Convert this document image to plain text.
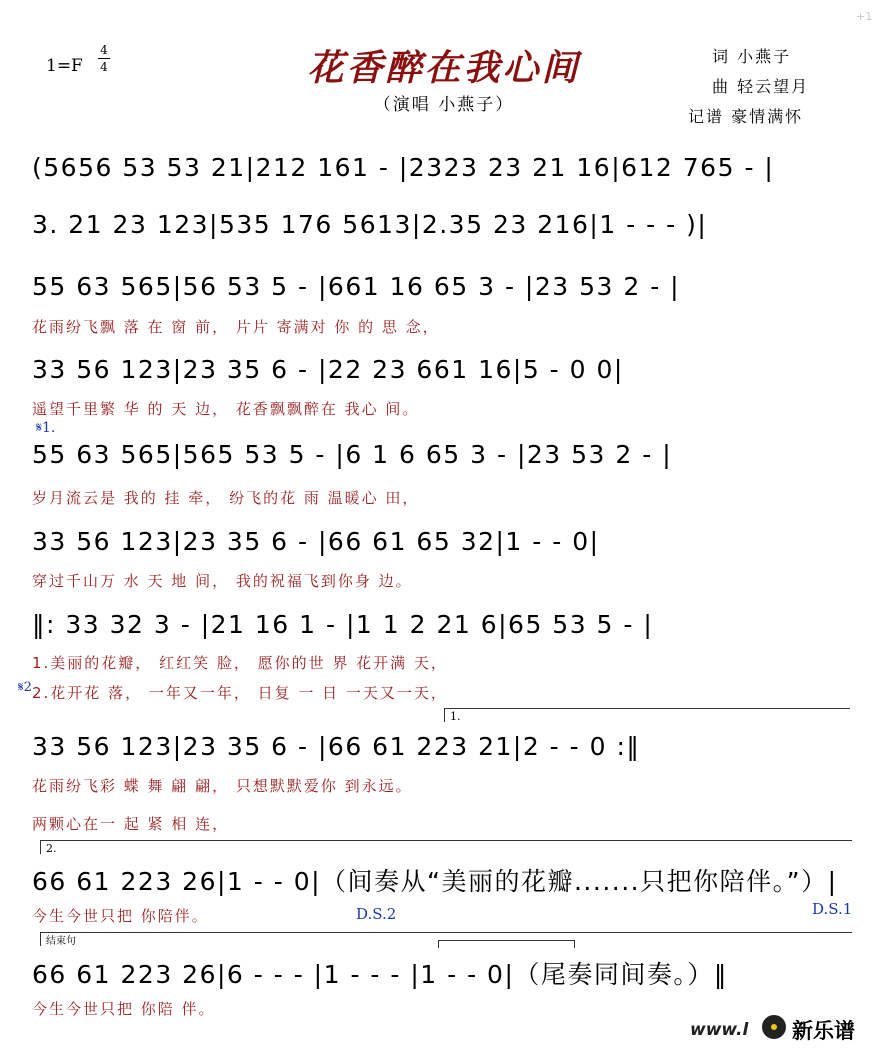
+1
1=F
4
4	花香醉在我心间
（演唱 小燕子）
词 小燕子
曲 轻云望月
记谱 豪情满怀
(5656 53 53 21|212 161 - |2323 23 21 16|612 765 - |
3. 21 23 123|535 176 5613|2.35 23 216|1 - - - )|
55 63 565|56 53 5 - |661 16 65 3 - |23 53 2 - |
花雨纷飞飘 落 在 窗 前， 片片 寄满对 你 的 思 念，
33 56 123|23 35 6 - |22 23 661 16|5 - 0 0|
遥望千里繁 华 的 天 边， 花香飘飘醉在 我心 间。
𝄋1.
55 63 565|565 53 5 - |6 1 6 65 3 - |23 53 2 - |
岁月流云是 我的 挂 牵， 纷飞的花 雨 温暖心 田，
33 56 123|23 35 6 - |66 61 65 32|1 - - 0|
穿过千山万 水 天 地 间， 我的祝福飞到你身 边。
‖: 33 32 3 - |21 16 1 - |1 1 2 21 6|65 53 5 - |
1.美丽的花瓣， 红红笑 脸， 愿你的世 界 花开满 天，
𝄋2 2.花开花 落， 一年又一年， 日复 一 日 一天又一天，
1.
33 56 123|23 35 6 - |66 61 223 21|2 - - 0 :‖
花雨纷飞彩 蝶 舞 翩 翩， 只想默默爱你 到永远。
两颗心在一 起 紧 相 连，
2.
66 61 223 26|1 - - 0|（间奏从“美丽的花瓣.......只把你陪伴。”）|
今生今世只把 你陪伴。	D.S.2	D.S.1
结束句
66 61 223 26|6 - - - |1 - - - |1 - - 0|（尾奏同间奏。）‖
今生今世只把 你陪 伴。
www.l 新乐谱
